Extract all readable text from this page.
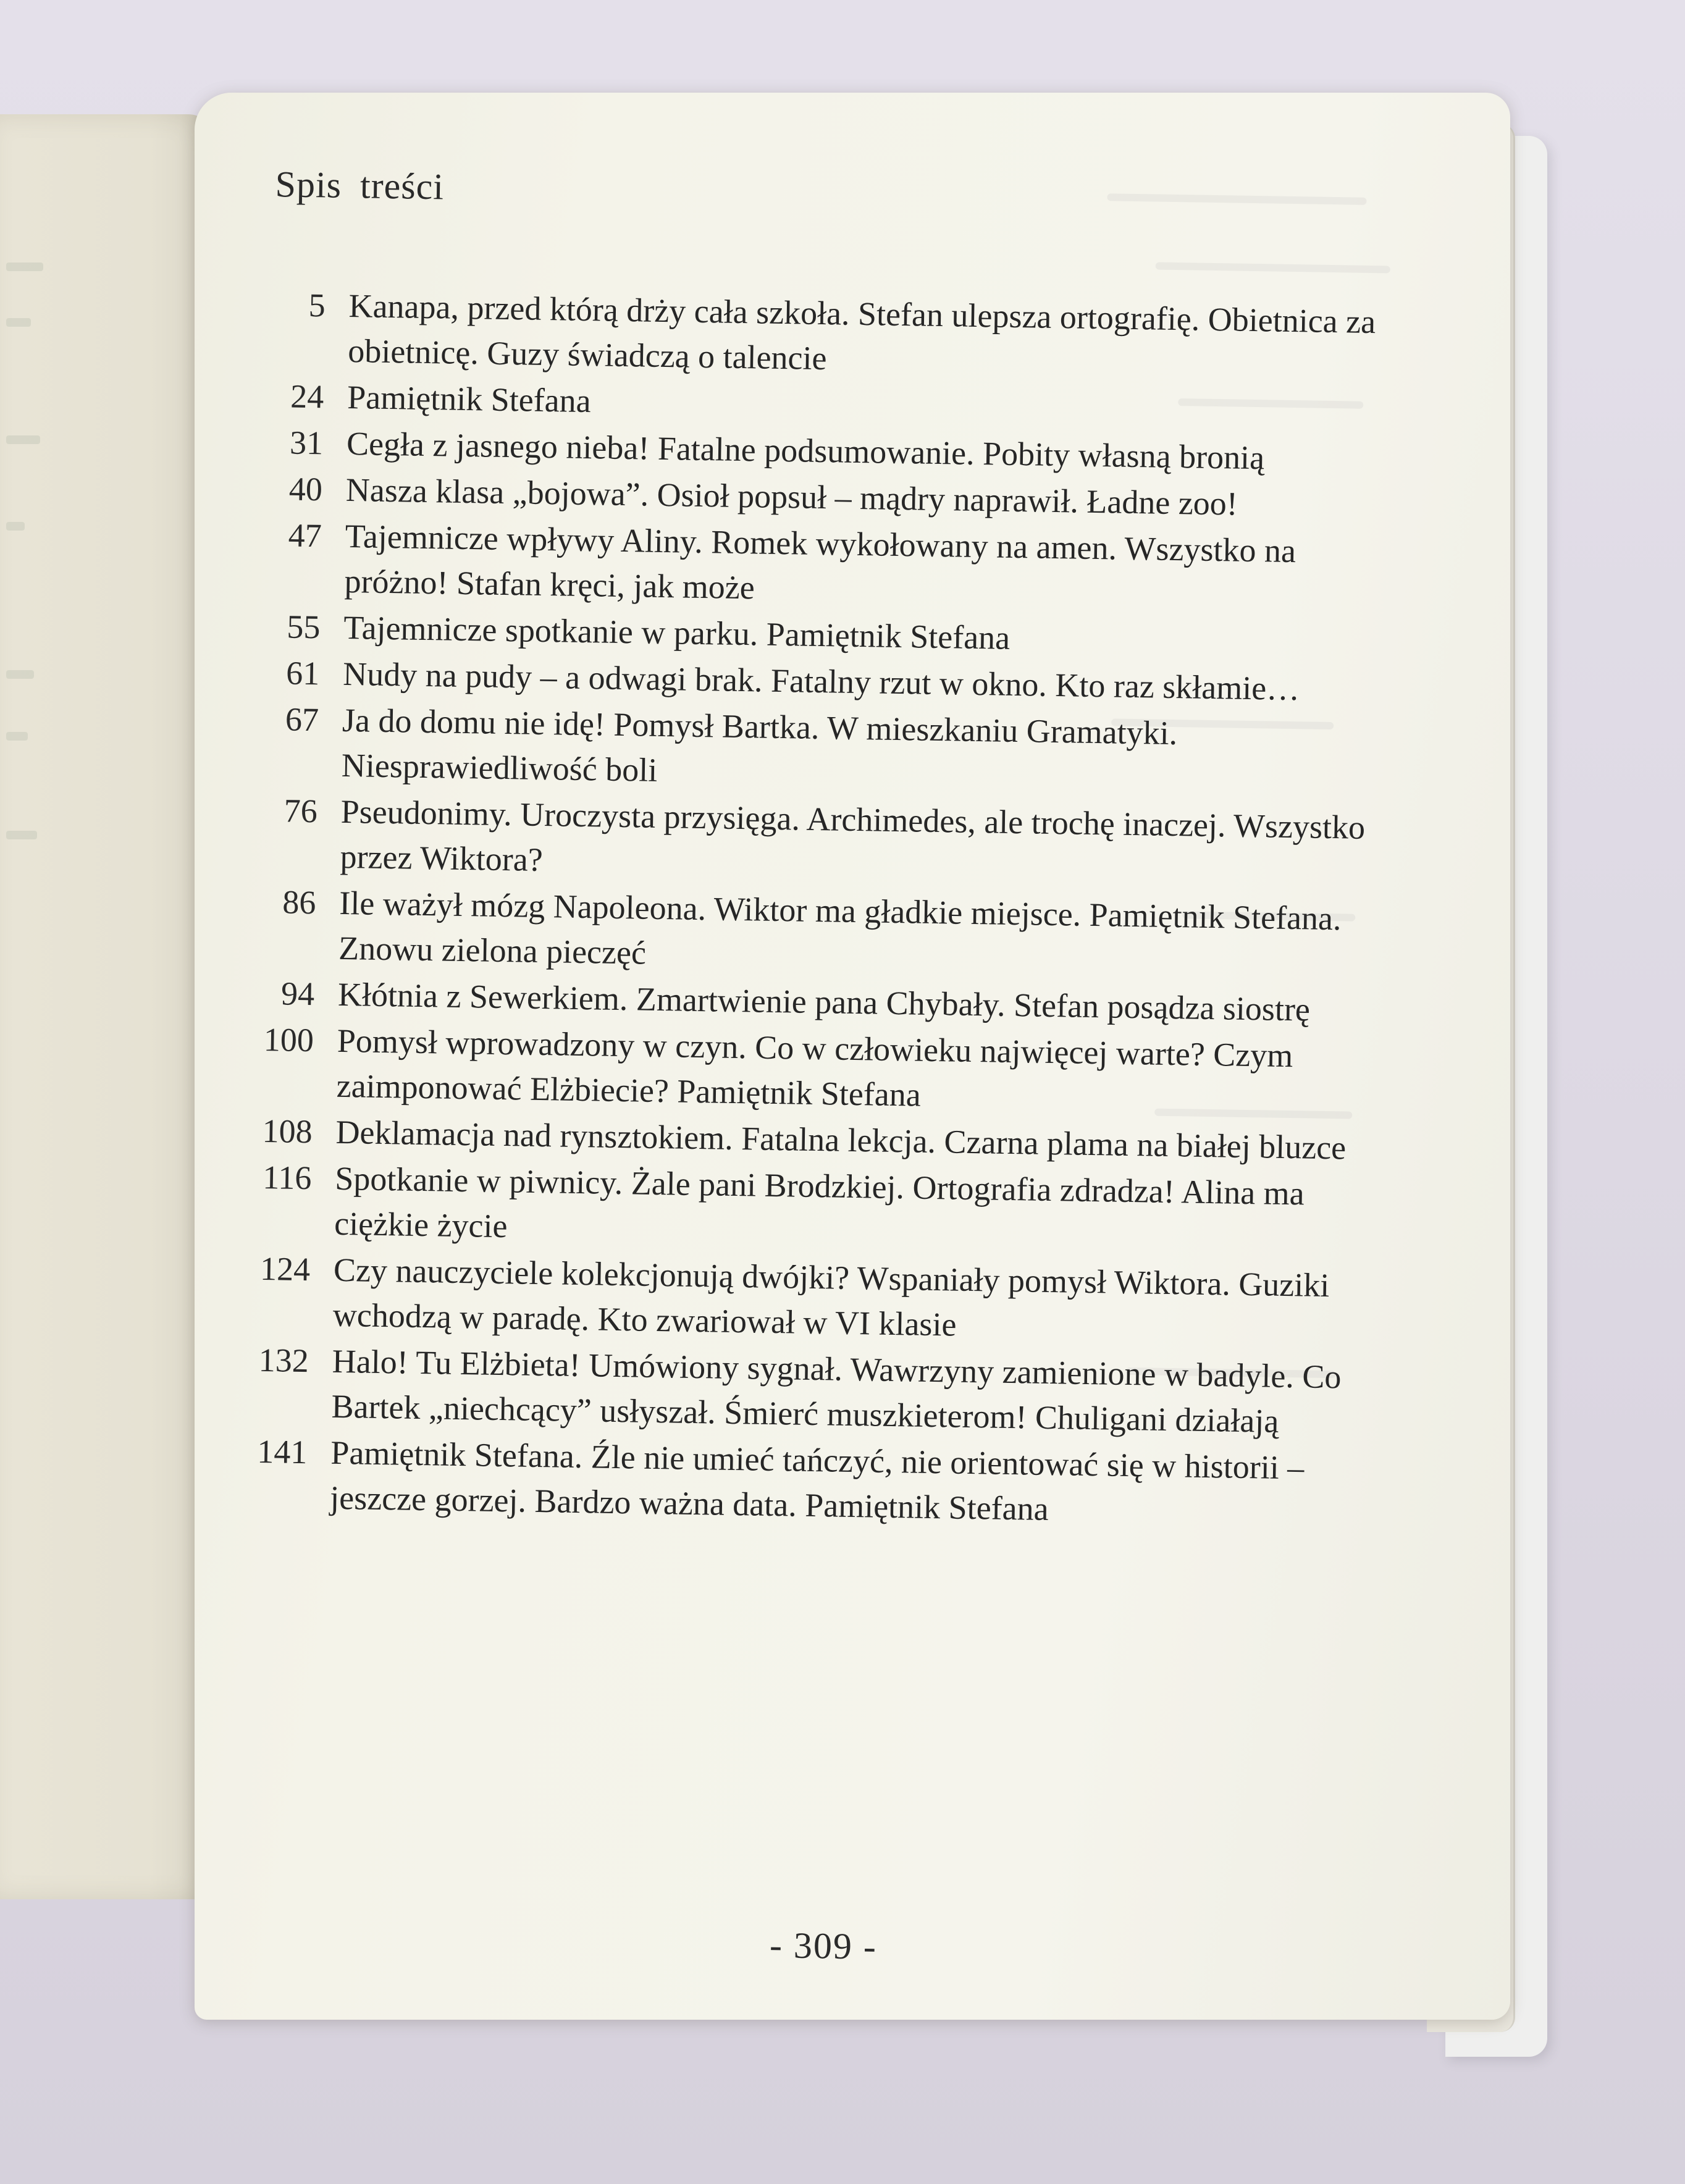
Spis treści
5 Kanapa, przed którą drży cała szkoła. Stefan ulepsza ortografię. Obietnica za obietnicę. Guzy świadczą o talencie
24 Pamiętnik Stefana
31 Cegła z jasnego nieba! Fatalne podsumowanie. Pobity własną bronią
40 Nasza klasa „bojowa”. Osioł popsuł – mądry naprawił. Ładne zoo!
47 Tajemnicze wpływy Aliny. Romek wykołowany na amen. Wszystko na próżno! Stafan kręci, jak może
55 Tajemnicze spotkanie w parku. Pamiętnik Stefana
61 Nudy na pudy – a odwagi brak. Fatalny rzut w okno. Kto raz skłamie…
67 Ja do domu nie idę! Pomysł Bartka. W mieszkaniu Gramatyki. Niesprawiedliwość boli
76 Pseudonimy. Uroczysta przysięga. Archimedes, ale trochę inaczej. Wszystko przez Wiktora?
86 Ile ważył mózg Napoleona. Wiktor ma gładkie miejsce. Pamiętnik Stefana. Znowu zielona pieczęć
94 Kłótnia z Sewerkiem. Zmartwienie pana Chybały. Stefan posądza siostrę
100 Pomysł wprowadzony w czyn. Co w człowieku najwięcej warte? Czym zaimponować Elżbiecie? Pamiętnik Stefana
108 Deklamacja nad rynsztokiem. Fatalna lekcja. Czarna plama na białej bluzce
116 Spotkanie w piwnicy. Żale pani Brodzkiej. Ortografia zdradza! Alina ma ciężkie życie
124 Czy nauczyciele kolekcjonują dwójki? Wspaniały pomysł Wiktora. Guziki wchodzą w paradę. Kto zwariował w VI klasie
132 Halo! Tu Elżbieta! Umówiony sygnał. Wawrzyny zamienione w badyle. Co Bartek „niechcący” usłyszał. Śmierć muszkieterom! Chuligani działają
141 Pamiętnik Stefana. Źle nie umieć tańczyć, nie orientować się w historii – jeszcze gorzej. Bardzo ważna data. Pamiętnik Stefana
- 309 -
